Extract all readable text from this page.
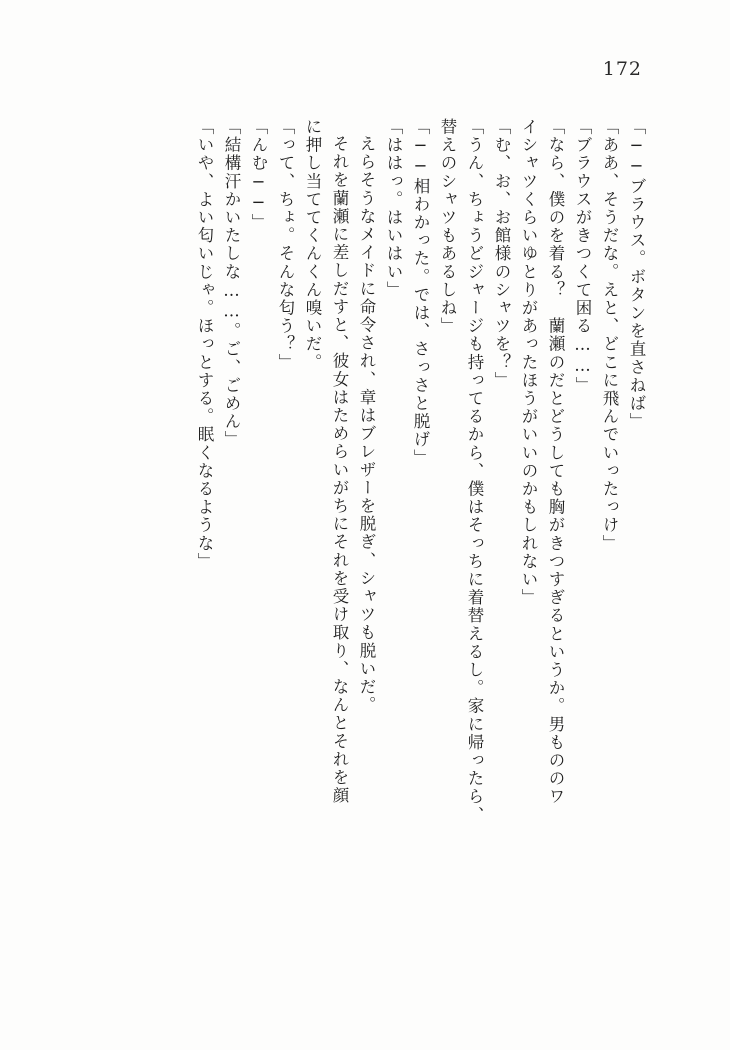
172
「──ブラウス。ボタンを直さねば」
「ああ、そうだな。えと、どこに飛んでいったっけ」
「ブラウスがきつくて困る……」
「なら、僕のを着る？　蘭瀬のだとどうしても胸がきつすぎるというか。男もののワ
イシャツくらいゆとりがあったほうがいいのかもしれない」
「む、お、お館様のシャツを？」
「うん、ちょうどジャージも持ってるから、僕はそっちに着替えるし。家に帰ったら、
替えのシャツもあるしね」
「──相わかった。では、さっさと脱げ」
「ははっ。はいはい」
えらそうなメイドに命令され、章はブレザーを脱ぎ、シャツも脱いだ。
それを蘭瀬に差しだすと、彼女はためらいがちにそれを受け取り、なんとそれを顔
に押し当ててくんくん嗅いだ。
「って、ちょ。そんな匂う？」
「んむ──」
「結構汗かいたしな……。ご、ごめん」
「いや、よい匂いじゃ。ほっとする。眠くなるような」
